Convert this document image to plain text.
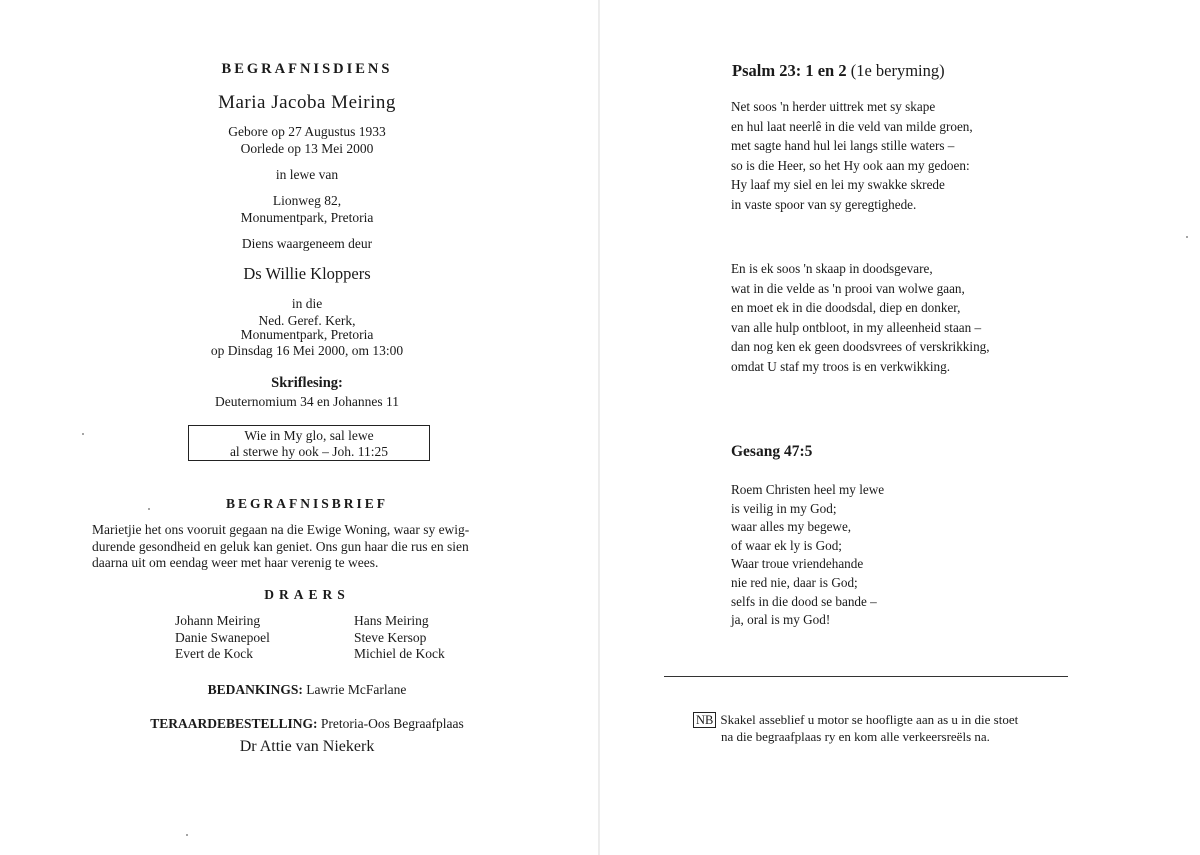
BEGRAFNISDIENS
Maria Jacoba Meiring
Gebore op 27 Augustus 1933
Oorlede op 13 Mei 2000
in lewe van
Lionweg 82,
Monumentpark, Pretoria
Diens waargeneem deur
Ds Willie Kloppers
in die
Ned. Geref. Kerk,
Monumentpark, Pretoria
op Dinsdag 16 Mei 2000, om 13:00
Skriflesing:
Deuternomium 34 en Johannes 11
Wie in My glo, sal lewe
al sterwe hy ook – Joh. 11:25
BEGRAFNISBRIEF
Marietjie het ons vooruit gegaan na die Ewige Woning, waar sy ewig-
durende gesondheid en geluk kan geniet. Ons gun haar die rus en sien
daarna uit om eendag weer met haar verenig te wees.
DRAERS
Johann Meiring
Danie Swanepoel
Evert de Kock
Hans Meiring
Steve Kersop
Michiel de Kock
BEDANKINGS: Lawrie McFarlane
TERAARDEBESTELLING: Pretoria-Oos Begraafplaas
Dr Attie van Niekerk
Psalm 23: 1 en 2 (1e beryming)
Net soos 'n herder uittrek met sy skape
en hul laat neerlê in die veld van milde groen,
met sagte hand hul lei langs stille waters –
so is die Heer, so het Hy ook aan my gedoen:
Hy laaf my siel en lei my swakke skrede
in vaste spoor van sy geregtighede.
En is ek soos 'n skaap in doodsgevare,
wat in die velde as 'n prooi van wolwe gaan,
en moet ek in die doodsdal, diep en donker,
van alle hulp ontbloot, in my alleenheid staan –
dan nog ken ek geen doodsvrees of verskrikking,
omdat U staf my troos is en verkwikking.
Gesang 47:5
Roem Christen heel my lewe
is veilig in my God;
waar alles my begewe,
of waar ek ly is God;
Waar troue vriendehande
nie red nie, daar is God;
selfs in die dood se bande –
ja, oral is my God!
NB Skakel asseblief u motor se hoofligte aan as u in die stoet
na die begraafplaas ry en kom alle verkeersreëls na.
